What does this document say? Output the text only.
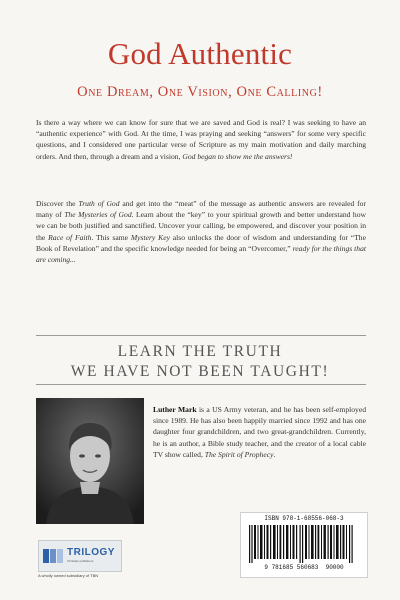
God Authentic
One Dream, One Vision, One Calling!
Is there a way where we can know for sure that we are saved and God is real? I was seeking to have an “authentic experience” with God. At the time, I was praying and seeking “answers” for some very specific questions, and I considered one particular verse of Scripture as my main motivation and daily marching orders. And then, through a dream and a vision, God began to show me the answers!
Discover the Truth of God and get into the “meat” of the message as authentic answers are revealed for many of The Mysteries of God. Learn about the “key” to your spiritual growth and better understand how we can be both justified and sanctified. Uncover your calling, be empowered, and discover your position in the Race of Faith. This same Mystery Key also unlocks the door of wisdom and understanding for “The Book of Revelation” and the specific knowledge needed for being an “Overcomer,” ready for the things that are coming...
LEARN THE TRUTH
WE HAVE NOT BEEN TAUGHT!
Luther Mark is a US Army veteran, and he has been self-employed since 1989. He has also been happily married since 1992 and has one daughter four grandchildren, and two great-grandchildren. Currently, he is an author, a Bible study teacher, and the creator of a local cable TV show called, The Spirit of Prophecy.
ISBN 978-1-68556-068-3
9 781685 560683 90000
TRILOGY
Christian publishers
A wholly owned subsidiary of TBN
